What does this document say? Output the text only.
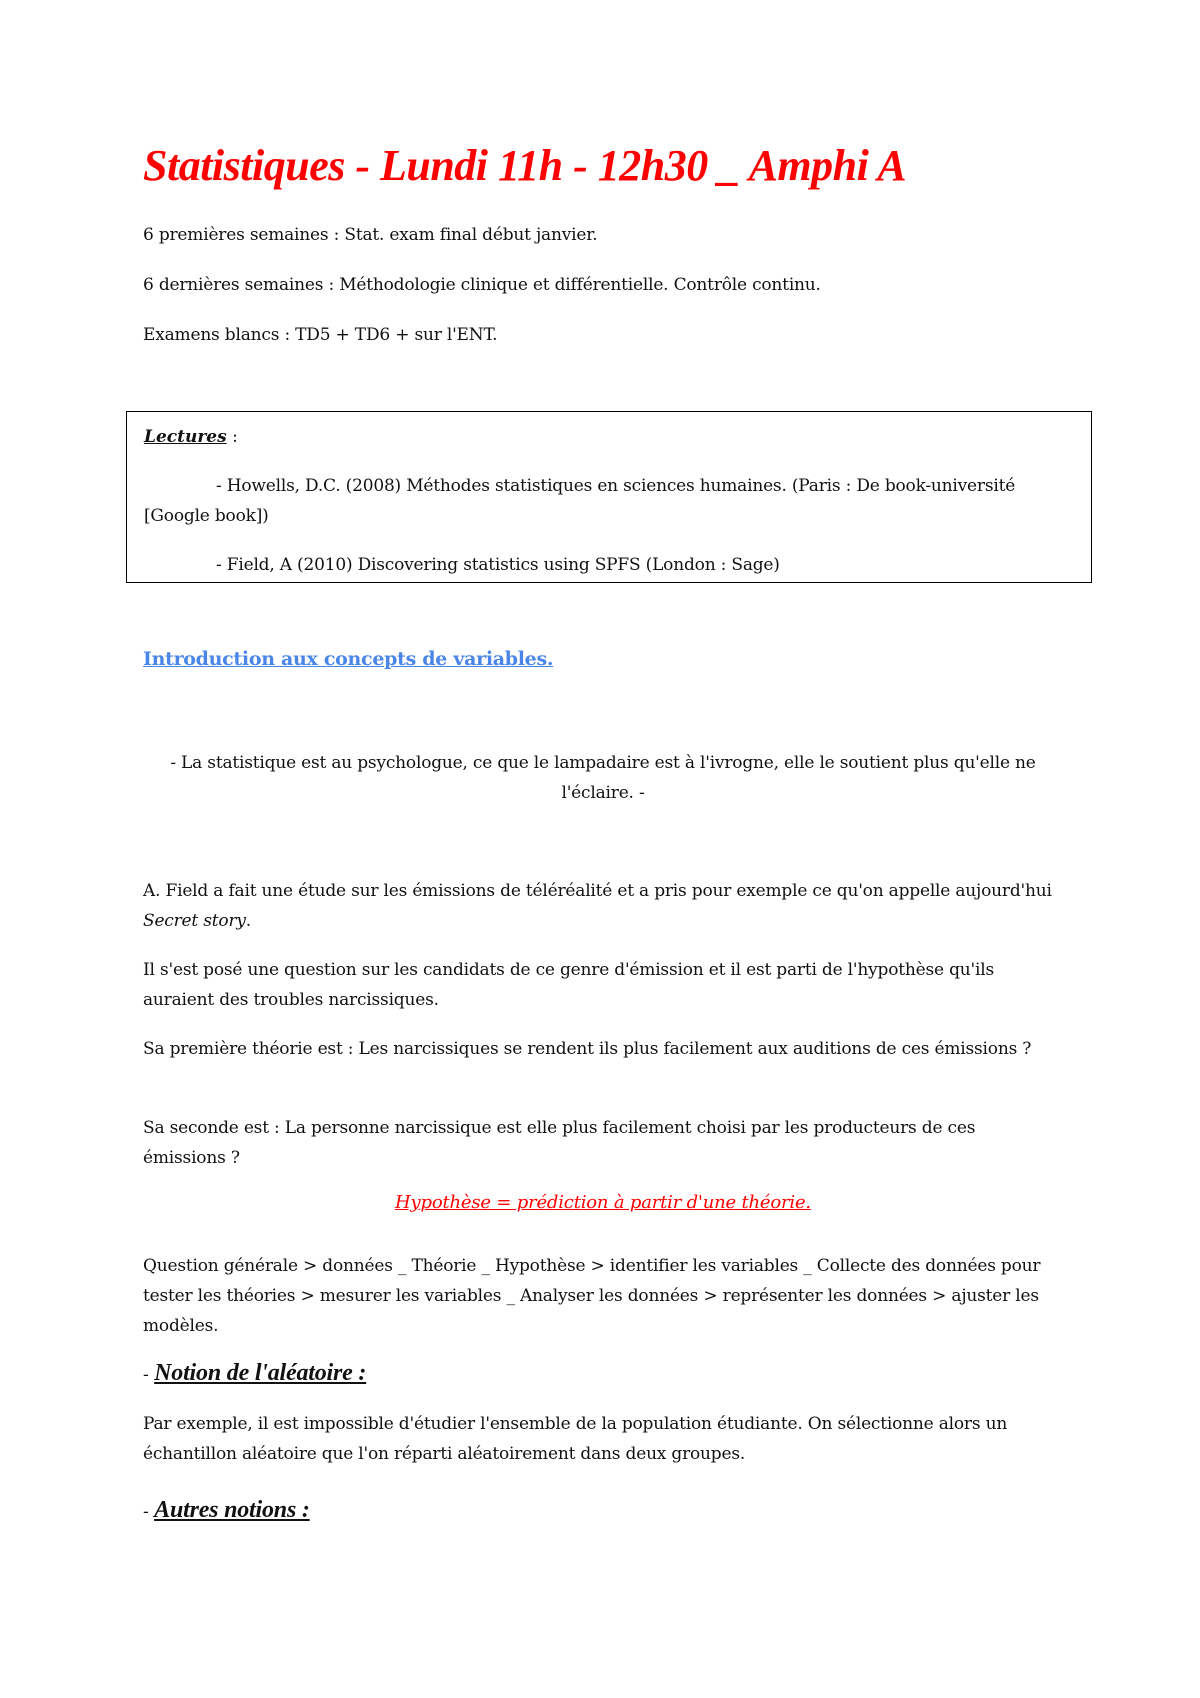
Statistiques - Lundi 11h - 12h30 _ Amphi A

6 premières semaines : Stat. exam final début janvier.

6 dernières semaines : Méthodologie clinique et différentielle. Contrôle continu.

Examens blancs : TD5 + TD6 + sur l'ENT.

Lectures :
- Howells, D.C. (2008) Méthodes statistiques en sciences humaines. (Paris : De book-université [Google book])
- Field, A (2010) Discovering statistics using SPFS (London : Sage)
Introduction aux concepts de variables.
- La statistique est au psychologue, ce que le lampadaire est à l'ivrogne, elle le soutient plus qu'elle ne l'éclaire. -

A. Field a fait une étude sur les émissions de téléréalité et a pris pour exemple ce qu'on appelle aujourd'hui Secret story.

Il s'est posé une question sur les candidats de ce genre d'émission et il est parti de l'hypothèse qu'ils auraient des troubles narcissiques.

Sa première théorie est : Les narcissiques se rendent ils plus facilement aux auditions de ces émissions ?

Sa seconde est : La personne narcissique est elle plus facilement choisi par les producteurs de ces émissions ?

Hypothèse = prédiction à partir d'une théorie.

Question générale > données _ Théorie _ Hypothèse > identifier les variables _ Collecte des données pour tester les théories > mesurer les variables _ Analyser les données > représenter les données > ajuster les modèles.

- Notion de l'aléatoire :

Par exemple, il est impossible d'étudier l'ensemble de la population étudiante. On sélectionne alors un échantillon aléatoire que l'on réparti aléatoirement dans deux groupes.

- Autres notions :
